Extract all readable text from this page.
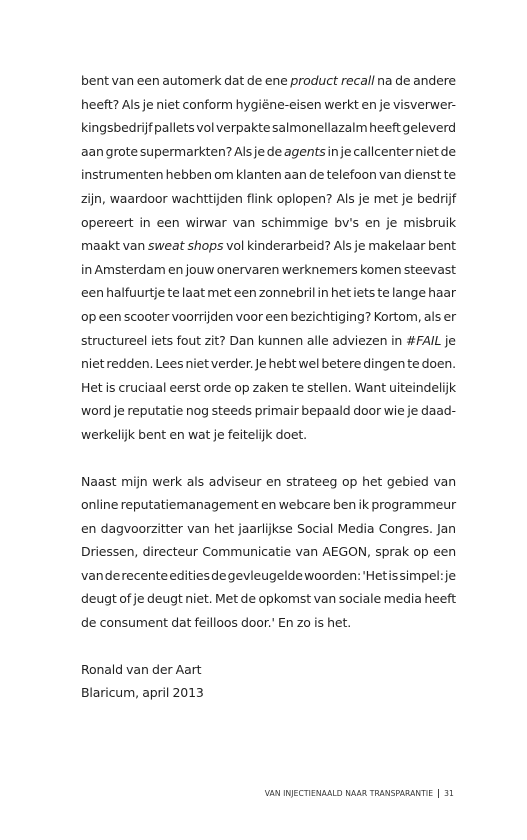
bent van een automerk dat de ene product recall na de andere
heeft? Als je niet conform hygiëne-eisen werkt en je visverwer-
kingsbedrijf pallets vol verpakte salmonellazalm heeft geleverd
aan grote supermarkten? Als je de agents in je callcenter niet de
instrumenten hebben om klanten aan de telefoon van dienst te
zijn, waardoor wachttijden flink oplopen? Als je met je bedrijf
opereert in een wirwar van schimmige bv's en je misbruik
maakt van sweat shops vol kinderarbeid? Als je makelaar bent
in Amsterdam en jouw onervaren werknemers komen steevast
een halfuurtje te laat met een zonnebril in het iets te lange haar
op een scooter voorrijden voor een bezichtiging? Kortom, als er
structureel iets fout zit? Dan kunnen alle adviezen in #FAIL je
niet redden. Lees niet verder. Je hebt wel betere dingen te doen.
Het is cruciaal eerst orde op zaken te stellen. Want uiteindelijk
word je reputatie nog steeds primair bepaald door wie je daad-
werkelijk bent en wat je feitelijk doet.
Naast mijn werk als adviseur en strateeg op het gebied van
online reputatiemanagement en webcare ben ik programmeur
en dagvoorzitter van het jaarlijkse Social Media Congres. Jan
Driessen, directeur Communicatie van AEGON, sprak op een
van de recente edities de gevleugelde woorden: 'Het is simpel: je
deugt of je deugt niet. Met de opkomst van sociale media heeft
de consument dat feilloos door.' En zo is het.
Ronald van der Aart
Blaricum, april 2013
VAN INJECTIENAALD NAAR TRANSPARANTIE 31
